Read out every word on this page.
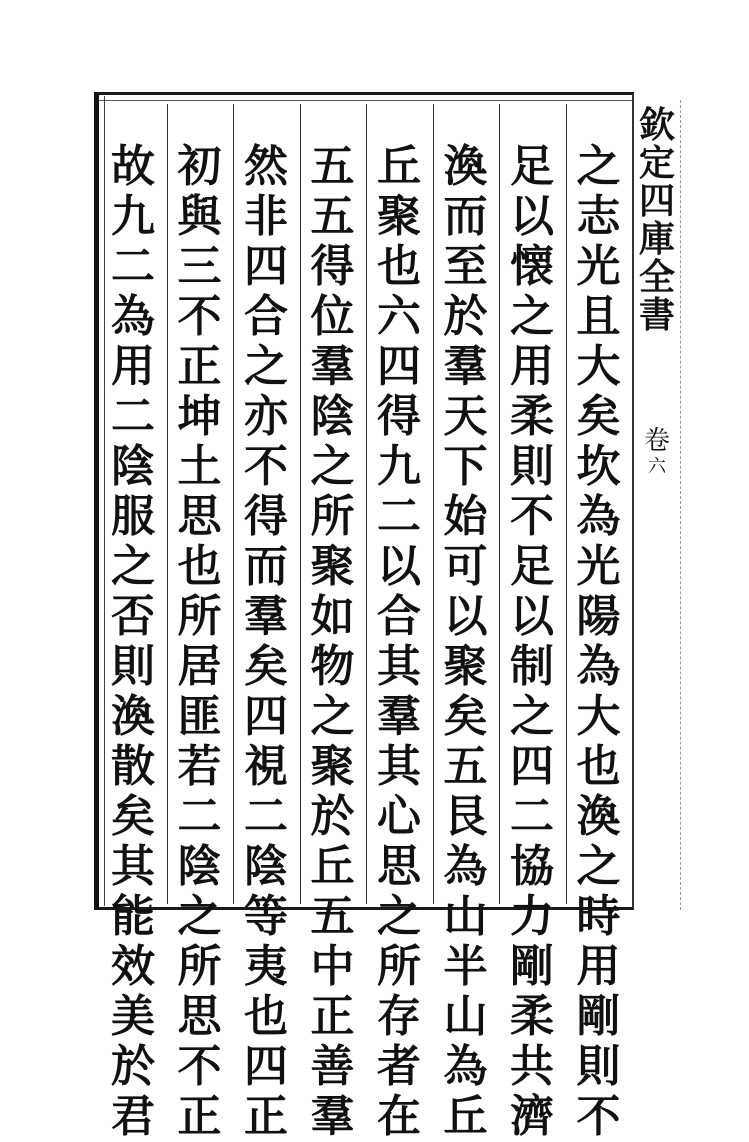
欽
定
四
庫
全
書
卷
六
之
志
光
且
大
矣
坎
為
光
陽
為
大
也
渙
之
時
用
剛
則
不
足
以
懐
之
用
柔
則
不
足
以
制
之
四
二
協
力
剛
柔
共
濟
渙
而
至
於
羣
天
下
始
可
以
聚
矣
五
艮
為
山
半
山
為
丘
丘
聚
也
六
四
得
九
二
以
合
其
羣
其
心
思
之
所
存
者
在
五
五
得
位
羣
陰
之
所
聚
如
物
之
聚
於
丘
五
中
正
善
羣
然
非
四
合
之
亦
不
得
而
羣
矣
四
視
二
陰
等
夷
也
四
正
初
與
三
不
正
坤
土
思
也
所
居
匪
若
二
陰
之
所
思
不
正
故
九
二
為
用
二
陰
服
之
否
則
渙
散
矣
其
能
效
美
於
君
